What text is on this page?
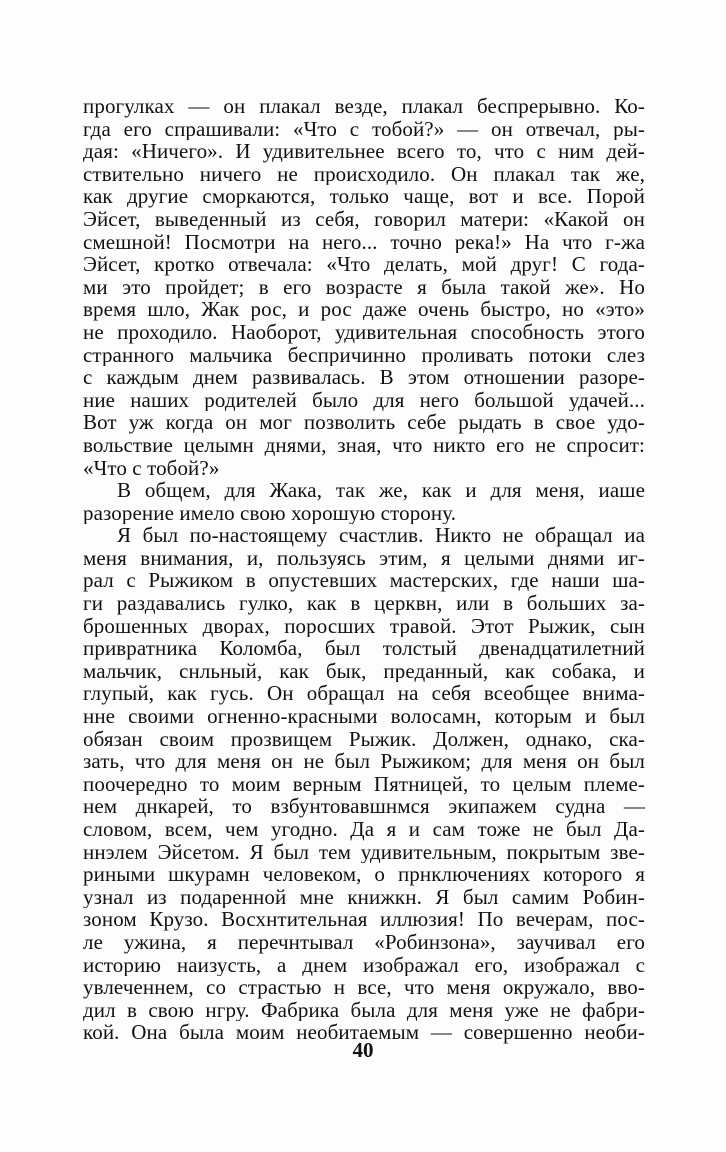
прогулках — он плакал везде, плакал беспрерывно. Ко-
гда его спрашивали: «Что с тобой?» — он отвечал, ры-
дая: «Ничего». И удивительнее всего то, что с ним дей-
ствительно ничего не происходило. Он плакал так же,
как другие сморкаются, только чаще, вот и все. Порой
Эйсет, выведенный из себя, говорил матери: «Какой он
смешной! Посмотри на него... точно река!» На что г-жа
Эйсет, кротко отвечала: «Что делать, мой друг! С года-
ми это пройдет; в его возрасте я была такой же». Но
время шло, Жак рос, и рос даже очень быстро, но «это»
не проходило. Наоборот, удивительная способность этого
странного мальчика беспричинно проливать потоки слез
с каждым днем развивалась. В этом отношении разоре-
ние наших родителей было для него большой удачей...
Вот уж когда он мог позволить себе рыдать в свое удо-
вольствие целымн днями, зная, что никто его не спросит:
«Что с тобой?»
В общем, для Жака, так же, как и для меня, иаше
разорение имело свою хорошую сторону.
Я был по-настоящему счастлив. Никто не обращал иа
меня внимания, и, пользуясь этим, я целыми днями иг-
рал с Рыжиком в опустевших мастерских, где наши ша-
ги раздавались гулко, как в церквн, или в больших за-
брошенных дворах, поросших травой. Этот Рыжик, сын
привратника Коломба, был толстый двенадцатилетний
мальчик, снльный, как бык, преданный, как собака, и
глупый, как гусь. Он обращал на себя всеобщее внима-
нне своими огненно-красными волосамн, которым и был
обязан своим прозвищем Рыжик. Должен, однако, ска-
зать, что для меня он не был Рыжиком; для меня он был
поочередно то моим верным Пятницей, то целым племе-
нем днкарей, то взбунтовавшнмся экипажем судна —
словом, всем, чем угодно. Да я и сам тоже не был Да-
ннэлем Эйсетом. Я был тем удивительным, покрытым зве-
риными шкурамн человеком, о прнключениях которого я
узнал из подаренной мне книжкн. Я был самим Робин-
зоном Крузо. Восхнтительная иллюзия! По вечерам, пос-
ле ужина, я перечнтывал «Робинзона», заучивал его
историю наизусть, а днем изображал его, изображал с
увлеченнем, со страстью н все, что меня окружало, вво-
дил в свою нгру. Фабрика была для меня уже не фабри-
кой. Она была моим необитаемым — совершенно необи-
40
